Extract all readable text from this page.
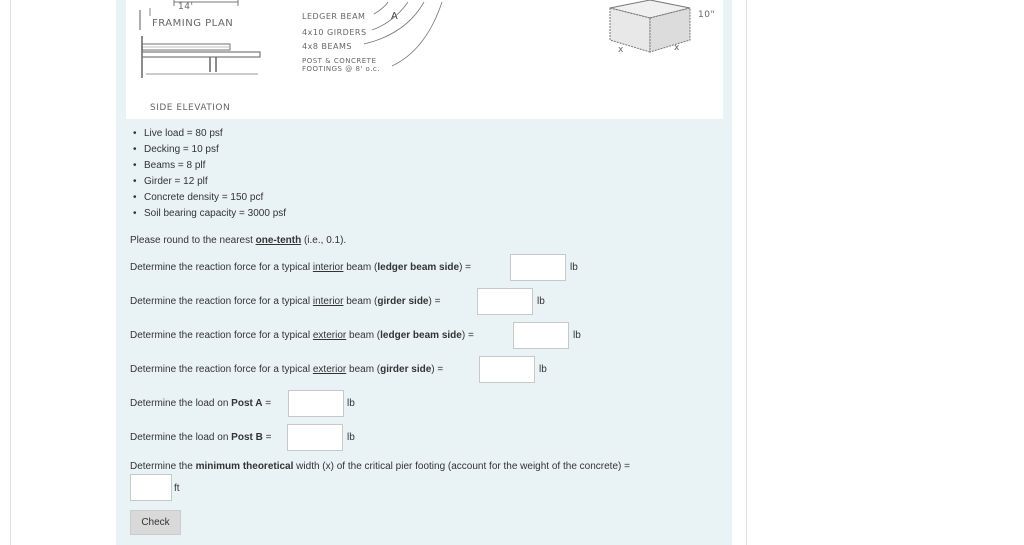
14'
FRAMING PLAN
SIDE ELEVATION
LEDGER BEAM	A
4x10 GIRDERS
4x8 BEAMS
POST & CONCRETE
FOOTINGS @ 8' o.c.
10"
x	x
• Live load = 80 psf
• Decking = 10 psf
• Beams = 8 plf
• Girder = 12 plf
• Concrete density = 150 pcf
• Soil bearing capacity = 3000 psf
Please round to the nearest one-tenth (i.e., 0.1).
Determine the reaction force for a typical interior beam (ledger beam side) =	lb
Determine the reaction force for a typical interior beam (girder side) =	lb
Determine the reaction force for a typical exterior beam (ledger beam side) =	lb
Determine the reaction force for a typical exterior beam (girder side) =	lb
Determine the load on Post A =	lb
Determine the load on Post B =	lb
Determine the minimum theoretical width (x) of the critical pier footing (account for the weight of the concrete) =
ft
Check
